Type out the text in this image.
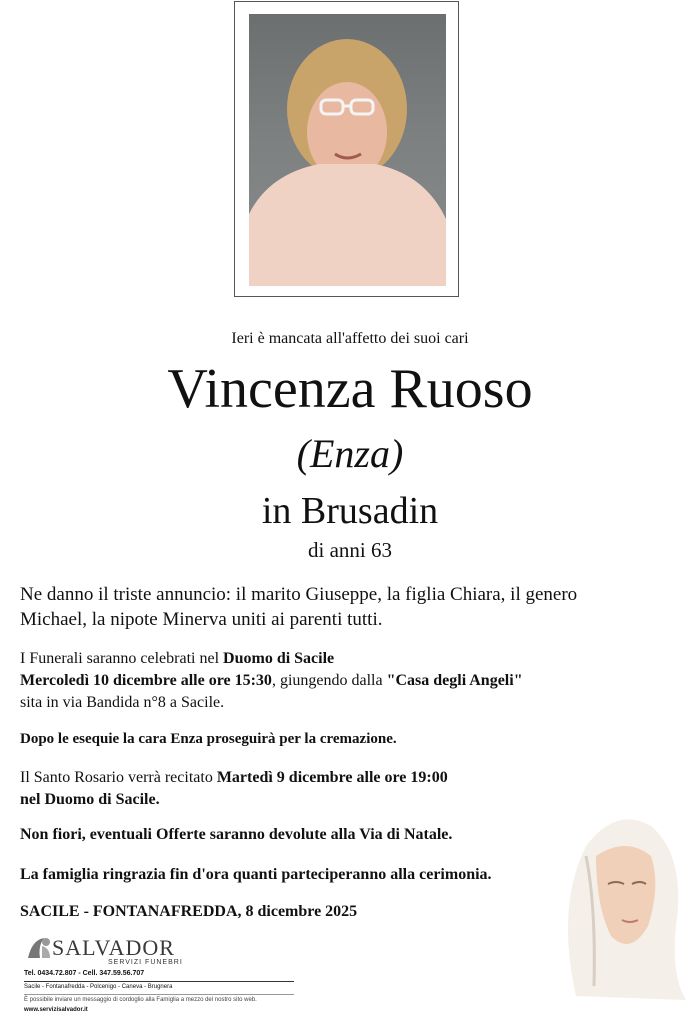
Ieri è mancata all'affetto dei suoi cari
Vincenza Ruoso
(Enza)
in Brusadin
di anni 63
Ne danno il triste annuncio: il marito Giuseppe, la figlia Chiara, il genero Michael, la nipote Minerva uniti ai parenti tutti.
I Funerali saranno celebrati nel Duomo di Sacile
Mercoledì 10 dicembre alle ore 15:30, giungendo dalla "Casa degli Angeli"
sita in via Bandida n°8 a Sacile.
Dopo le esequie la cara Enza proseguirà per la cremazione.
Il Santo Rosario verrà recitato Martedì 9 dicembre alle ore 19:00
nel Duomo di Sacile.
Non fiori, eventuali Offerte saranno devolute alla Via di Natale.
La famiglia ringrazia fin d'ora quanti parteciperanno alla cerimonia.
SACILE - FONTANAFREDDA, 8 dicembre 2025
SALVADOR
SERVIZI FUNEBRI
Tel. 0434.72.807 - Cell. 347.59.56.707
Sacile - Fontanafredda - Polcenigo - Caneva - Brugnera
È possibile inviare un messaggio di cordoglio alla Famiglia a mezzo del nostro sito web.
www.servizisalvador.it
